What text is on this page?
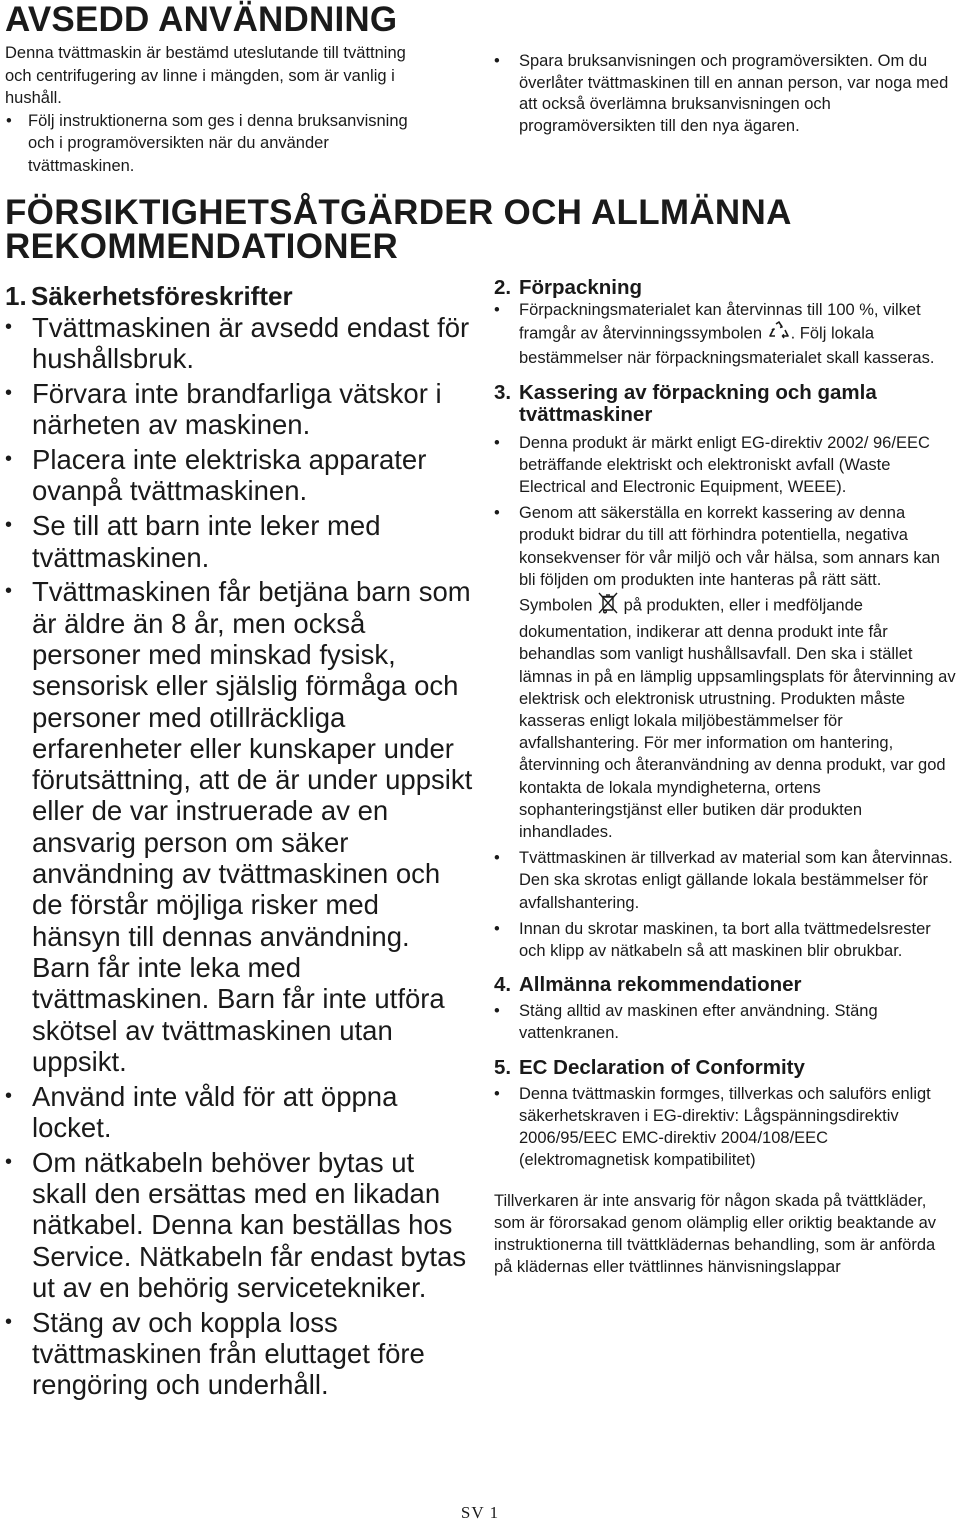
AVSEDD ANVÄNDNING

Denna tvättmaskin är bestämd uteslutande till tvättning och centrifugering av linne i mängden, som är vanlig i hushåll.

• Följ instruktionerna som ges i denna bruksanvisning och i programöversikten när du använder tvättmaskinen.
• Spara bruksanvisningen och programöversikten. Om du överlåter tvättmaskinen till en annan person, var noga med att också överlämna bruksanvisningen och programöversikten till den nya ägaren.
FÖRSIKTIGHETSÅTGÄRDER OCH ALLMÄNNA
REKOMMENDATIONER
1. Säkerhetsföreskrifter
• Tvättmaskinen är avsedd endast för hushållsbruk.
• Förvara inte brandfarliga vätskor i närheten av maskinen.
• Placera inte elektriska apparater ovanpå tvättmaskinen.
• Se till att barn inte leker med tvättmaskinen.
• Tvättmaskinen får betjäna barn som är äldre än 8 år, men också personer med minskad fysisk, sensorisk eller själslig förmåga och personer med otillräckliga erfarenheter eller kunskaper under förutsättning, att de är under uppsikt eller de var instruerade av en ansvarig person om säker användning av tvättmaskinen och de förstår möjliga risker med hänsyn till dennas användning. Barn får inte leka med tvättmaskinen. Barn får inte utföra skötsel av tvättmaskinen utan uppsikt.
• Använd inte våld för att öppna locket.
• Om nätkabeln behöver bytas ut skall den ersättas med en likadan nätkabel. Denna kan beställas hos Service. Nätkabeln får endast bytas ut av en behörig servicetekniker.
• Stäng av och koppla loss tvättmaskinen från eluttaget före rengöring och underhåll.
2. Förpackning
• Förpackningsmaterialet kan återvinnas till 100 %, vilket framgår av återvinningssymbolen . Följ lokala bestämmelser när förpackningsmaterialet skall kasseras.
3. Kassering av förpackning och gamla
tvättmaskiner
• Denna produkt är märkt enligt EG-direktiv 2002/ 96/EEC beträffande elektriskt och elektroniskt avfall (Waste Electrical and Electronic Equipment, WEEE).
• Genom att säkerställa en korrekt kassering av denna produkt bidrar du till att förhindra potentiella, negativa konsekvenser för vår miljö och vår hälsa, som annars kan bli följden om produkten inte hanteras på rätt sätt. Symbolen på produkten, eller i medföljande dokumentation, indikerar att denna produkt inte får behandlas som vanligt hushållsavfall. Den ska i stället lämnas in på en lämplig uppsamlingsplats för återvinning av elektrisk och elektronisk utrustning. Produkten måste kasseras enligt lokala miljöbestämmelser för avfallshantering. För mer information om hantering, återvinning och återanvändning av denna produkt, var god kontakta de lokala myndigheterna, ortens sophanteringstjänst eller butiken där produkten inhandlades.
• Tvättmaskinen är tillverkad av material som kan återvinnas. Den ska skrotas enligt gällande lokala bestämmelser för avfallshantering.
• Innan du skrotar maskinen, ta bort alla tvättmedelsrester och klipp av nätkabeln så att maskinen blir obrukbar.
4. Allmänna rekommendationer
• Stäng alltid av maskinen efter användning. Stäng vattenkranen.
5. EC Declaration of Conformity
• Denna tvättmaskin formges, tillverkas och saluförs enligt säkerhetskraven i EG-direktiv: Lågspänningsdirektiv 2006/95/EEC EMC-direktiv 2004/108/EEC (elektromagnetisk kompatibilitet)

Tillverkaren är inte ansvarig för någon skada på tvättkläder, som är förorsakad genom olämplig eller oriktig beaktande av instruktionerna till tvättklädernas behandling, som är anförda på klädernas eller tvättlinnes hänvisningslappar

SV 1
